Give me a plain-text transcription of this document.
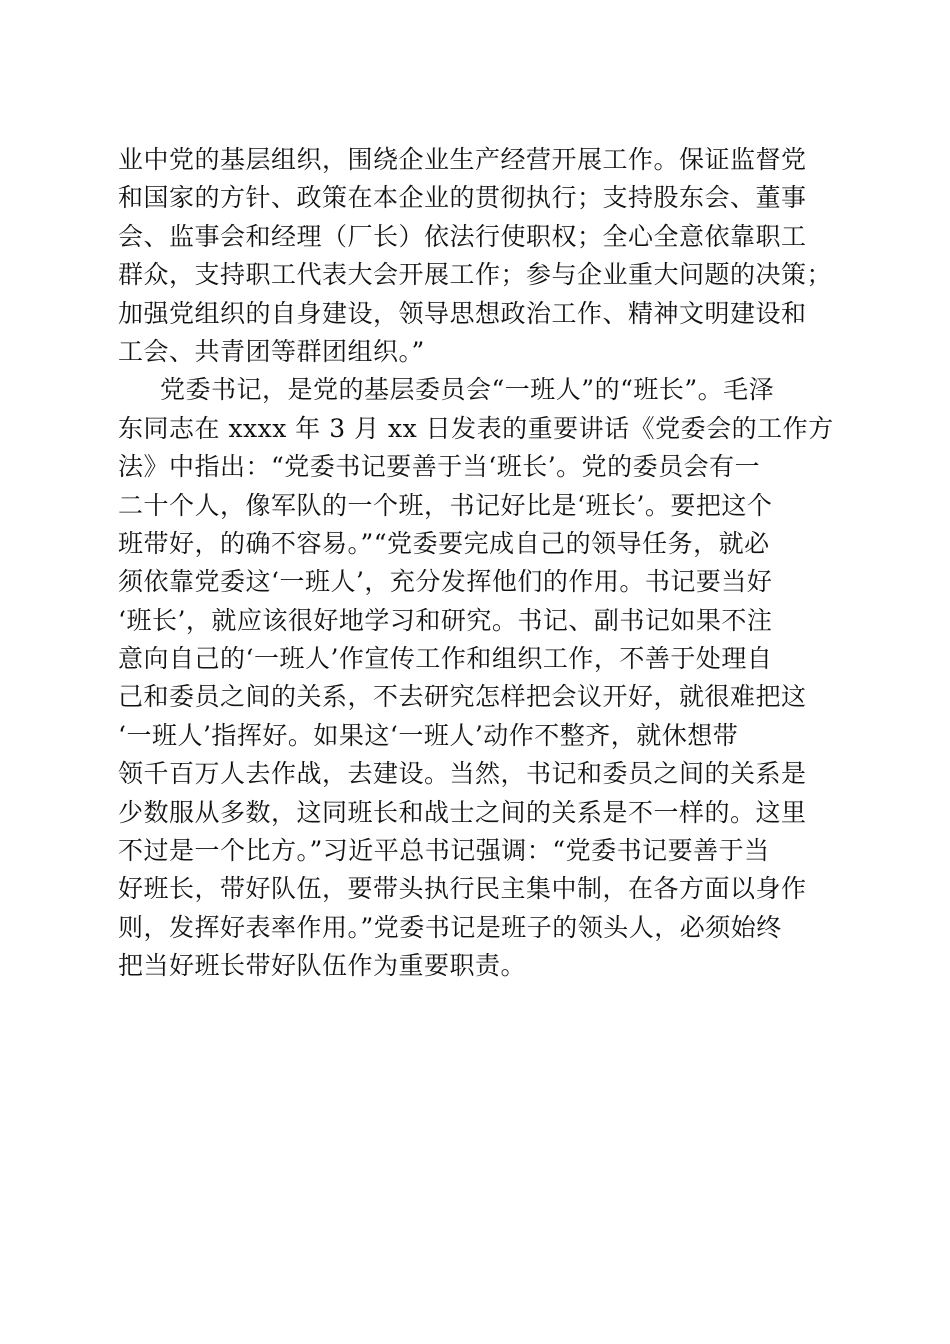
业中党的基层组织，围绕企业生产经营开展工作。保证监督党
和国家的方针、政策在本企业的贯彻执行；支持股东会、董事
会、监事会和经理（厂长）依法行使职权；全心全意依靠职工
群众，支持职工代表大会开展工作；参与企业重大问题的决策；
加强党组织的自身建设，领导思想政治工作、精神文明建设和
工会、共青团等群团组织。”
党委书记，是党的基层委员会“一班人”的“班长”。毛泽
东同志在 xxxx 年 3 月 xx 日发表的重要讲话《党委会的工作方
法》中指出：“党委书记要善于当‘班长’。党的委员会有一
二十个人，像军队的一个班，书记好比是‘班长’。要把这个
班带好，的确不容易。”“党委要完成自己的领导任务，就必
须依靠党委这‘一班人’，充分发挥他们的作用。书记要当好
‘班长’，就应该很好地学习和研究。书记、副书记如果不注
意向自己的‘一班人’作宣传工作和组织工作，不善于处理自
己和委员之间的关系，不去研究怎样把会议开好，就很难把这
‘一班人’指挥好。如果这‘一班人’动作不整齐，就休想带
领千百万人去作战，去建设。当然，书记和委员之间的关系是
少数服从多数，这同班长和战士之间的关系是不一样的。这里
不过是一个比方。”习近平总书记强调：“党委书记要善于当
好班长，带好队伍，要带头执行民主集中制，在各方面以身作
则，发挥好表率作用。”党委书记是班子的领头人，必须始终
把当好班长带好队伍作为重要职责。
